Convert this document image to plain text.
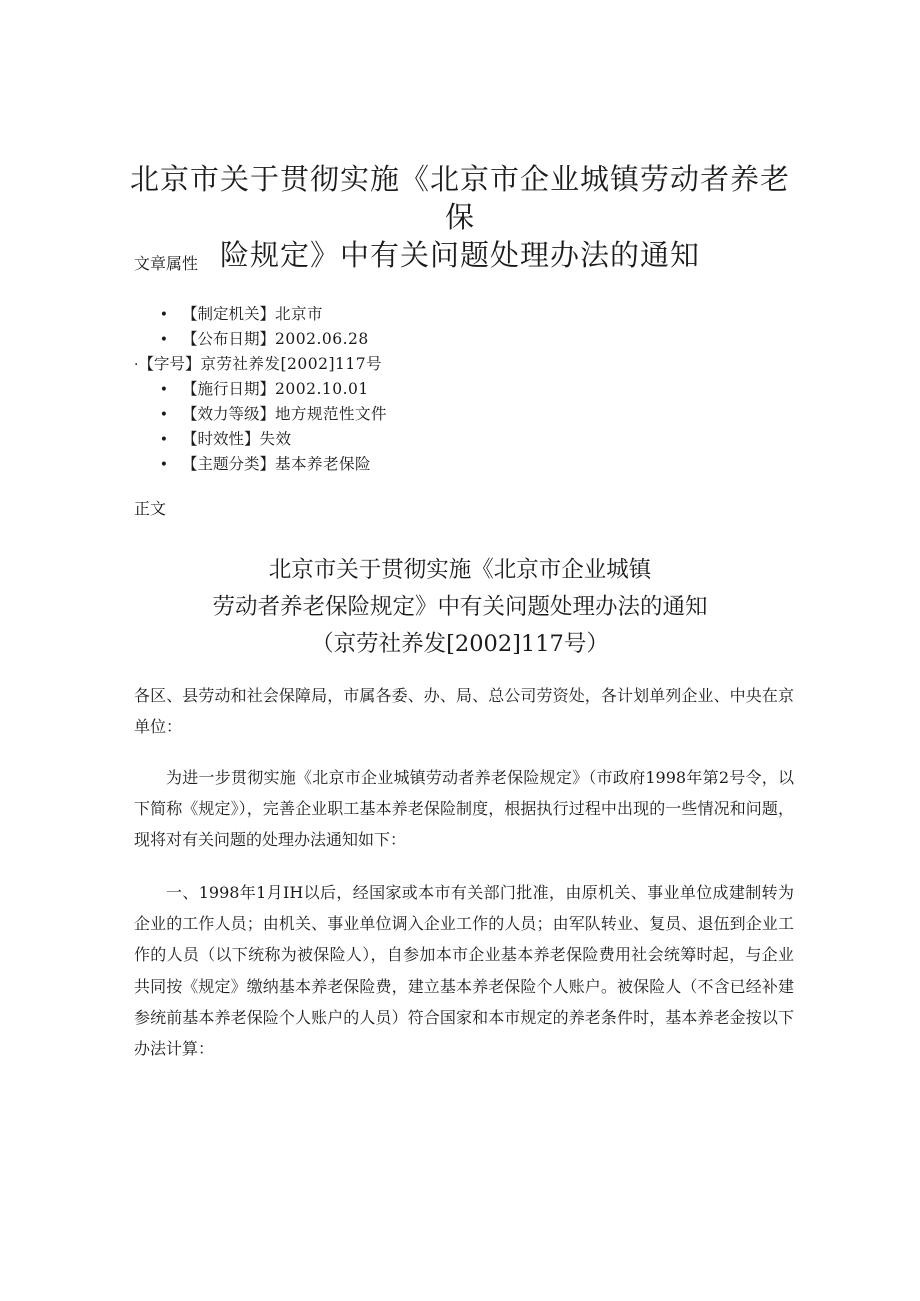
北京市关于贯彻实施《北京市企业城镇劳动者养老保
险规定》中有关问题处理办法的通知
文章属性
• 【制定机关】北京市
• 【公布日期】2002.06.28
·【字号】京劳社养发[2002]117号
• 【施行日期】2002.10.01
• 【效力等级】地方规范性文件
• 【时效性】失效
• 【主题分类】基本养老保险
正文
北京市关于贯彻实施《北京市企业城镇
劳动者养老保险规定》中有关问题处理办法的通知
（京劳社养发[2002]117号）
各区、县劳动和社会保障局，市属各委、办、局、总公司劳资处，各计划单列企业、中央在京单位：
为进一步贯彻实施《北京市企业城镇劳动者养老保险规定》（市政府1998年第2号令，以下简称《规定》），完善企业职工基本养老保险制度，根据执行过程中出现的一些情况和问题，现将对有关问题的处理办法通知如下：
一、1998年1月IH以后，经国家或本市有关部门批准，由原机关、事业单位成建制转为企业的工作人员；由机关、事业单位调入企业工作的人员；由军队转业、复员、退伍到企业工作的人员（以下统称为被保险人），自参加本市企业基本养老保险费用社会统筹时起，与企业共同按《规定》缴纳基本养老保险费，建立基本养老保险个人账户。被保险人（不含已经补建参统前基本养老保险个人账户的人员）符合国家和本市规定的养老条件时，基本养老金按以下办法计算：
